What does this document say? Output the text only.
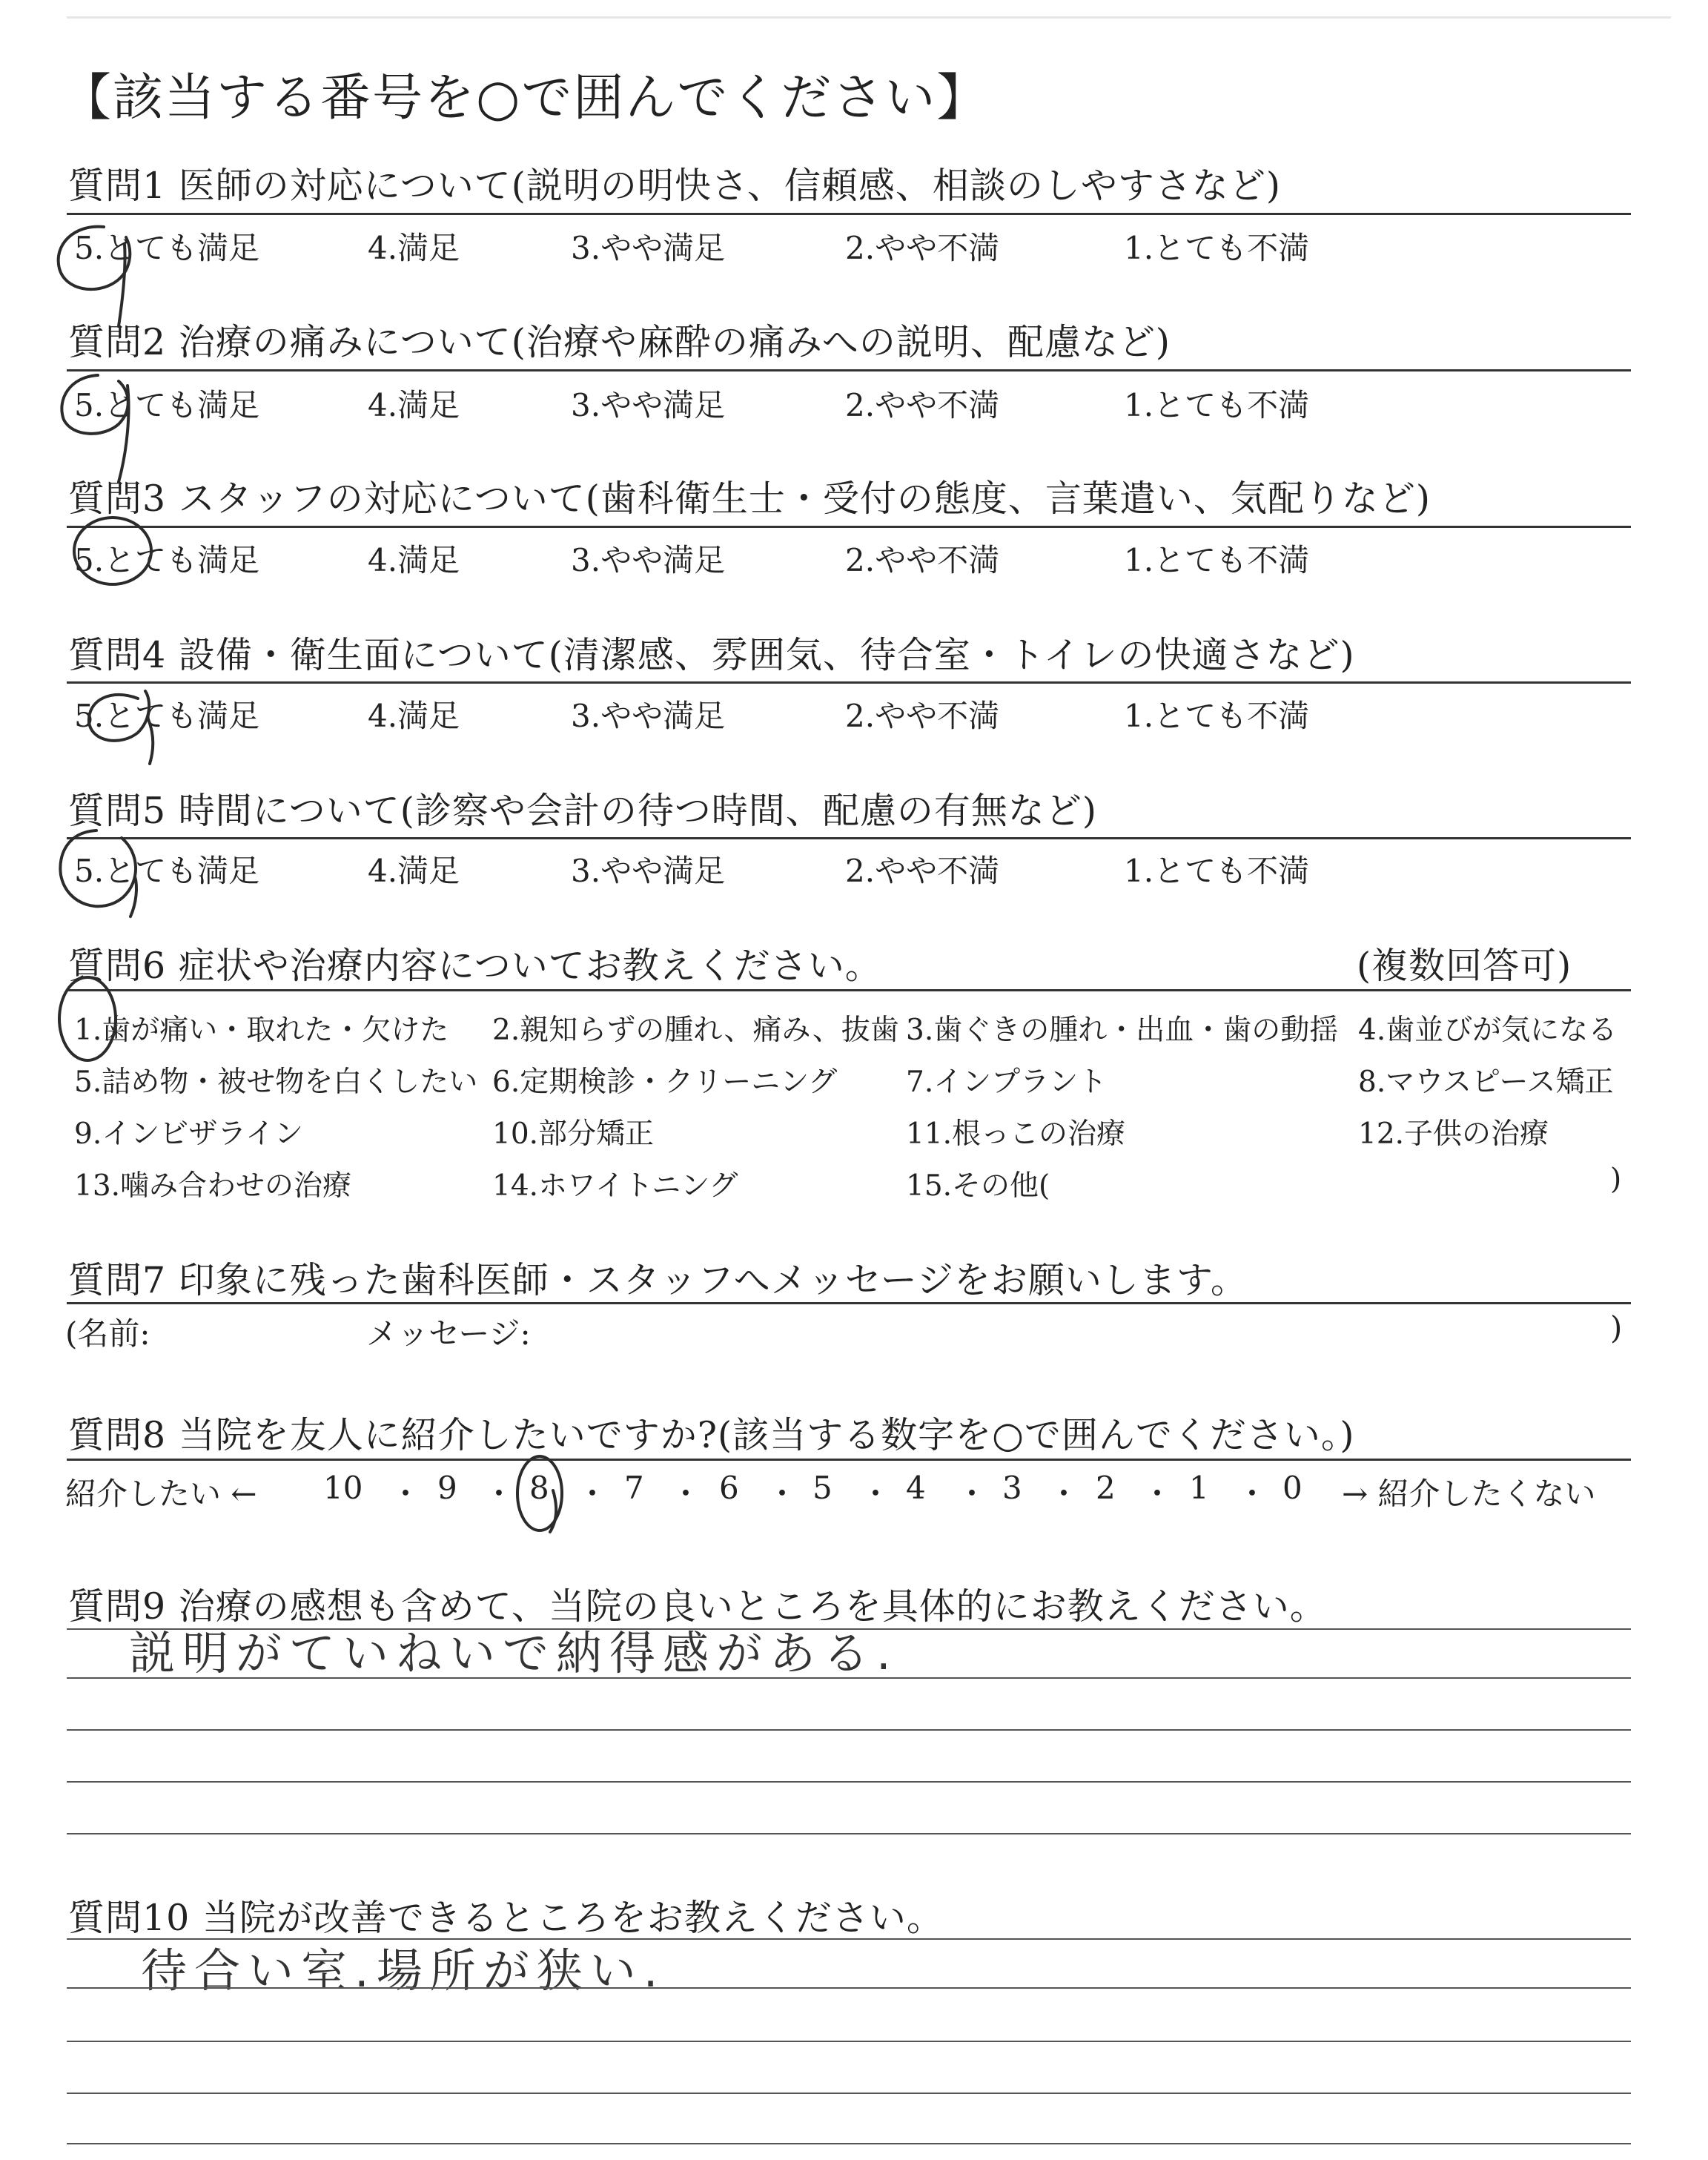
【該当する番号を○で囲んでください】
質問1 医師の対応について(説明の明快さ、信頼感、相談のしやすさなど)
5.とても満足	4.満足	3.やや満足	2.やや不満	1.とても不満
質問2 治療の痛みについて(治療や麻酔の痛みへの説明、配慮など)
5.とても満足	4.満足	3.やや満足	2.やや不満	1.とても不満
質問3 スタッフの対応について(歯科衛生士・受付の態度、言葉遣い、気配りなど)
5.とても満足	4.満足	3.やや満足	2.やや不満	1.とても不満
質問4 設備・衛生面について(清潔感、雰囲気、待合室・トイレの快適さなど)
5.とても満足	4.満足	3.やや満足	2.やや不満	1.とても不満
質問5 時間について(診察や会計の待つ時間、配慮の有無など)
5.とても満足	4.満足	3.やや満足	2.やや不満	1.とても不満
質問6 症状や治療内容についてお教えください。	(複数回答可)
1.歯が痛い・取れた・欠けた 2.親知らずの腫れ、痛み、抜歯 3.歯ぐきの腫れ・出血・歯の動揺 4.歯並びが気になる
5.詰め物・被せ物を白くしたい 6.定期検診・クリーニング 7.インプラント	8.マウスピース矯正
9.インビザライン	10.部分矯正	11.根っこの治療	12.子供の治療
13.噛み合わせの治療	14.ホワイトニング	15.その他(	)
質問7 印象に残った歯科医師・スタッフへメッセージをお願いします。
(名前:	メッセージ:	)
質問8 当院を友人に紹介したいですか?(該当する数字を○で囲んでください。)
紹介したい ← 10 ・ 9 ・ 8 ・ 7 ・ 6 ・ 5 ・ 4 ・ 3 ・ 2 ・ 1 ・ 0 → 紹介したくない
質問9 治療の感想も含めて、当院の良いところを具体的にお教えください。
説明がていねいで納得感がある.
質問10 当院が改善できるところをお教えください。
待合い室.場所が狭い.
